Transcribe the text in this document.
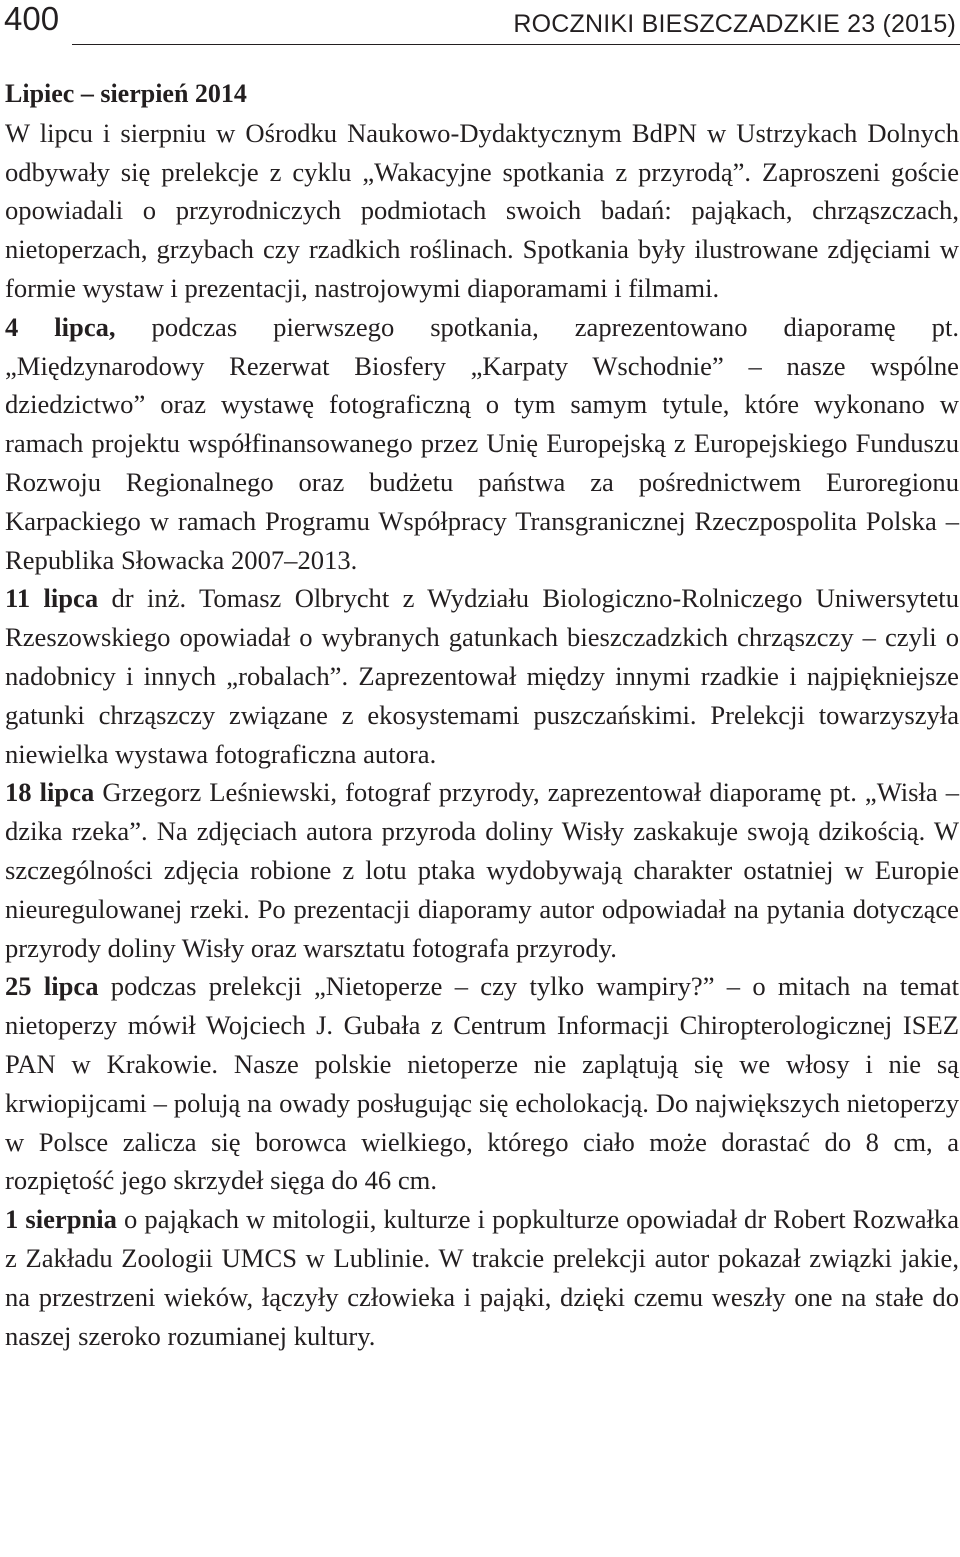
400	ROCZNIKI BIESZCZADZKIE 23 (2015)
Lipiec – sierpień 2014

W lipcu i sierpniu w Ośrodku Naukowo-Dydaktycznym BdPN w Ustrzykach Dolnych odbywały się prelekcje z cyklu „Wakacyjne spotkania z przyrodą”. Zaproszeni goście opowiadali o przyrodniczych podmiotach swoich badań: pająkach, chrząszczach, nietoperzach, grzybach czy rzadkich roślinach. Spotkania były ilustrowane zdjęciami w formie wystaw i prezentacji, nastrojowymi diaporamami i filmami.

4 lipca, podczas pierwszego spotkania, zaprezentowano diaporamę pt. „Międzynarodowy Rezerwat Biosfery „Karpaty Wschodnie” – nasze wspólne dziedzictwo” oraz wystawę fotograficzną o tym samym tytule, które wykonano w ramach projektu współfinansowanego przez Unię Europejską z Europejskiego Funduszu Rozwoju Regionalnego oraz budżetu państwa za pośrednictwem Euroregionu Karpackiego w ramach Programu Współpracy Transgranicznej Rzeczpospolita Polska – Republika Słowacka 2007–2013.

11 lipca dr inż. Tomasz Olbrycht z Wydziału Biologiczno-Rolniczego Uniwersytetu Rzeszowskiego opowiadał o wybranych gatunkach bieszczadzkich chrząszczy – czyli o nadobnicy i innych „robalach”. Zaprezentował między innymi rzadkie i najpiękniejsze gatunki chrząszczy związane z ekosystemami puszczańskimi. Prelekcji towarzyszyła niewielka wystawa fotograficzna autora.

18 lipca Grzegorz Leśniewski, fotograf przyrody, zaprezentował diaporamę pt. „Wisła – dzika rzeka”. Na zdjęciach autora przyroda doliny Wisły zaskakuje swoją dzikością. W szczególności zdjęcia robione z lotu ptaka wydobywają charakter ostatniej w Europie nieuregulowanej rzeki. Po prezentacji diaporamy autor odpowiadał na pytania dotyczące przyrody doliny Wisły oraz warsztatu fotografa przyrody.

25 lipca podczas prelekcji „Nietoperze – czy tylko wampiry?” – o mitach na temat nietoperzy mówił Wojciech J. Gubała z Centrum Informacji Chiropterologicznej ISEZ PAN w Krakowie. Nasze polskie nietoperze nie zaplątują się we włosy i nie są krwiopijcami – polują na owady posługując się echolokacją. Do największych nietoperzy w Polsce zalicza się borowca wielkiego, którego ciało może dorastać do 8 cm, a rozpiętość jego skrzydeł sięga do 46 cm.

1 sierpnia o pająkach w mitologii, kulturze i popkulturze opowiadał dr Robert Rozwałka z Zakładu Zoologii UMCS w Lublinie. W trakcie prelekcji autor pokazał związki jakie, na przestrzeni wieków, łączyły człowieka i pająki, dzięki czemu weszły one na stałe do naszej szeroko rozumianej kultury.
